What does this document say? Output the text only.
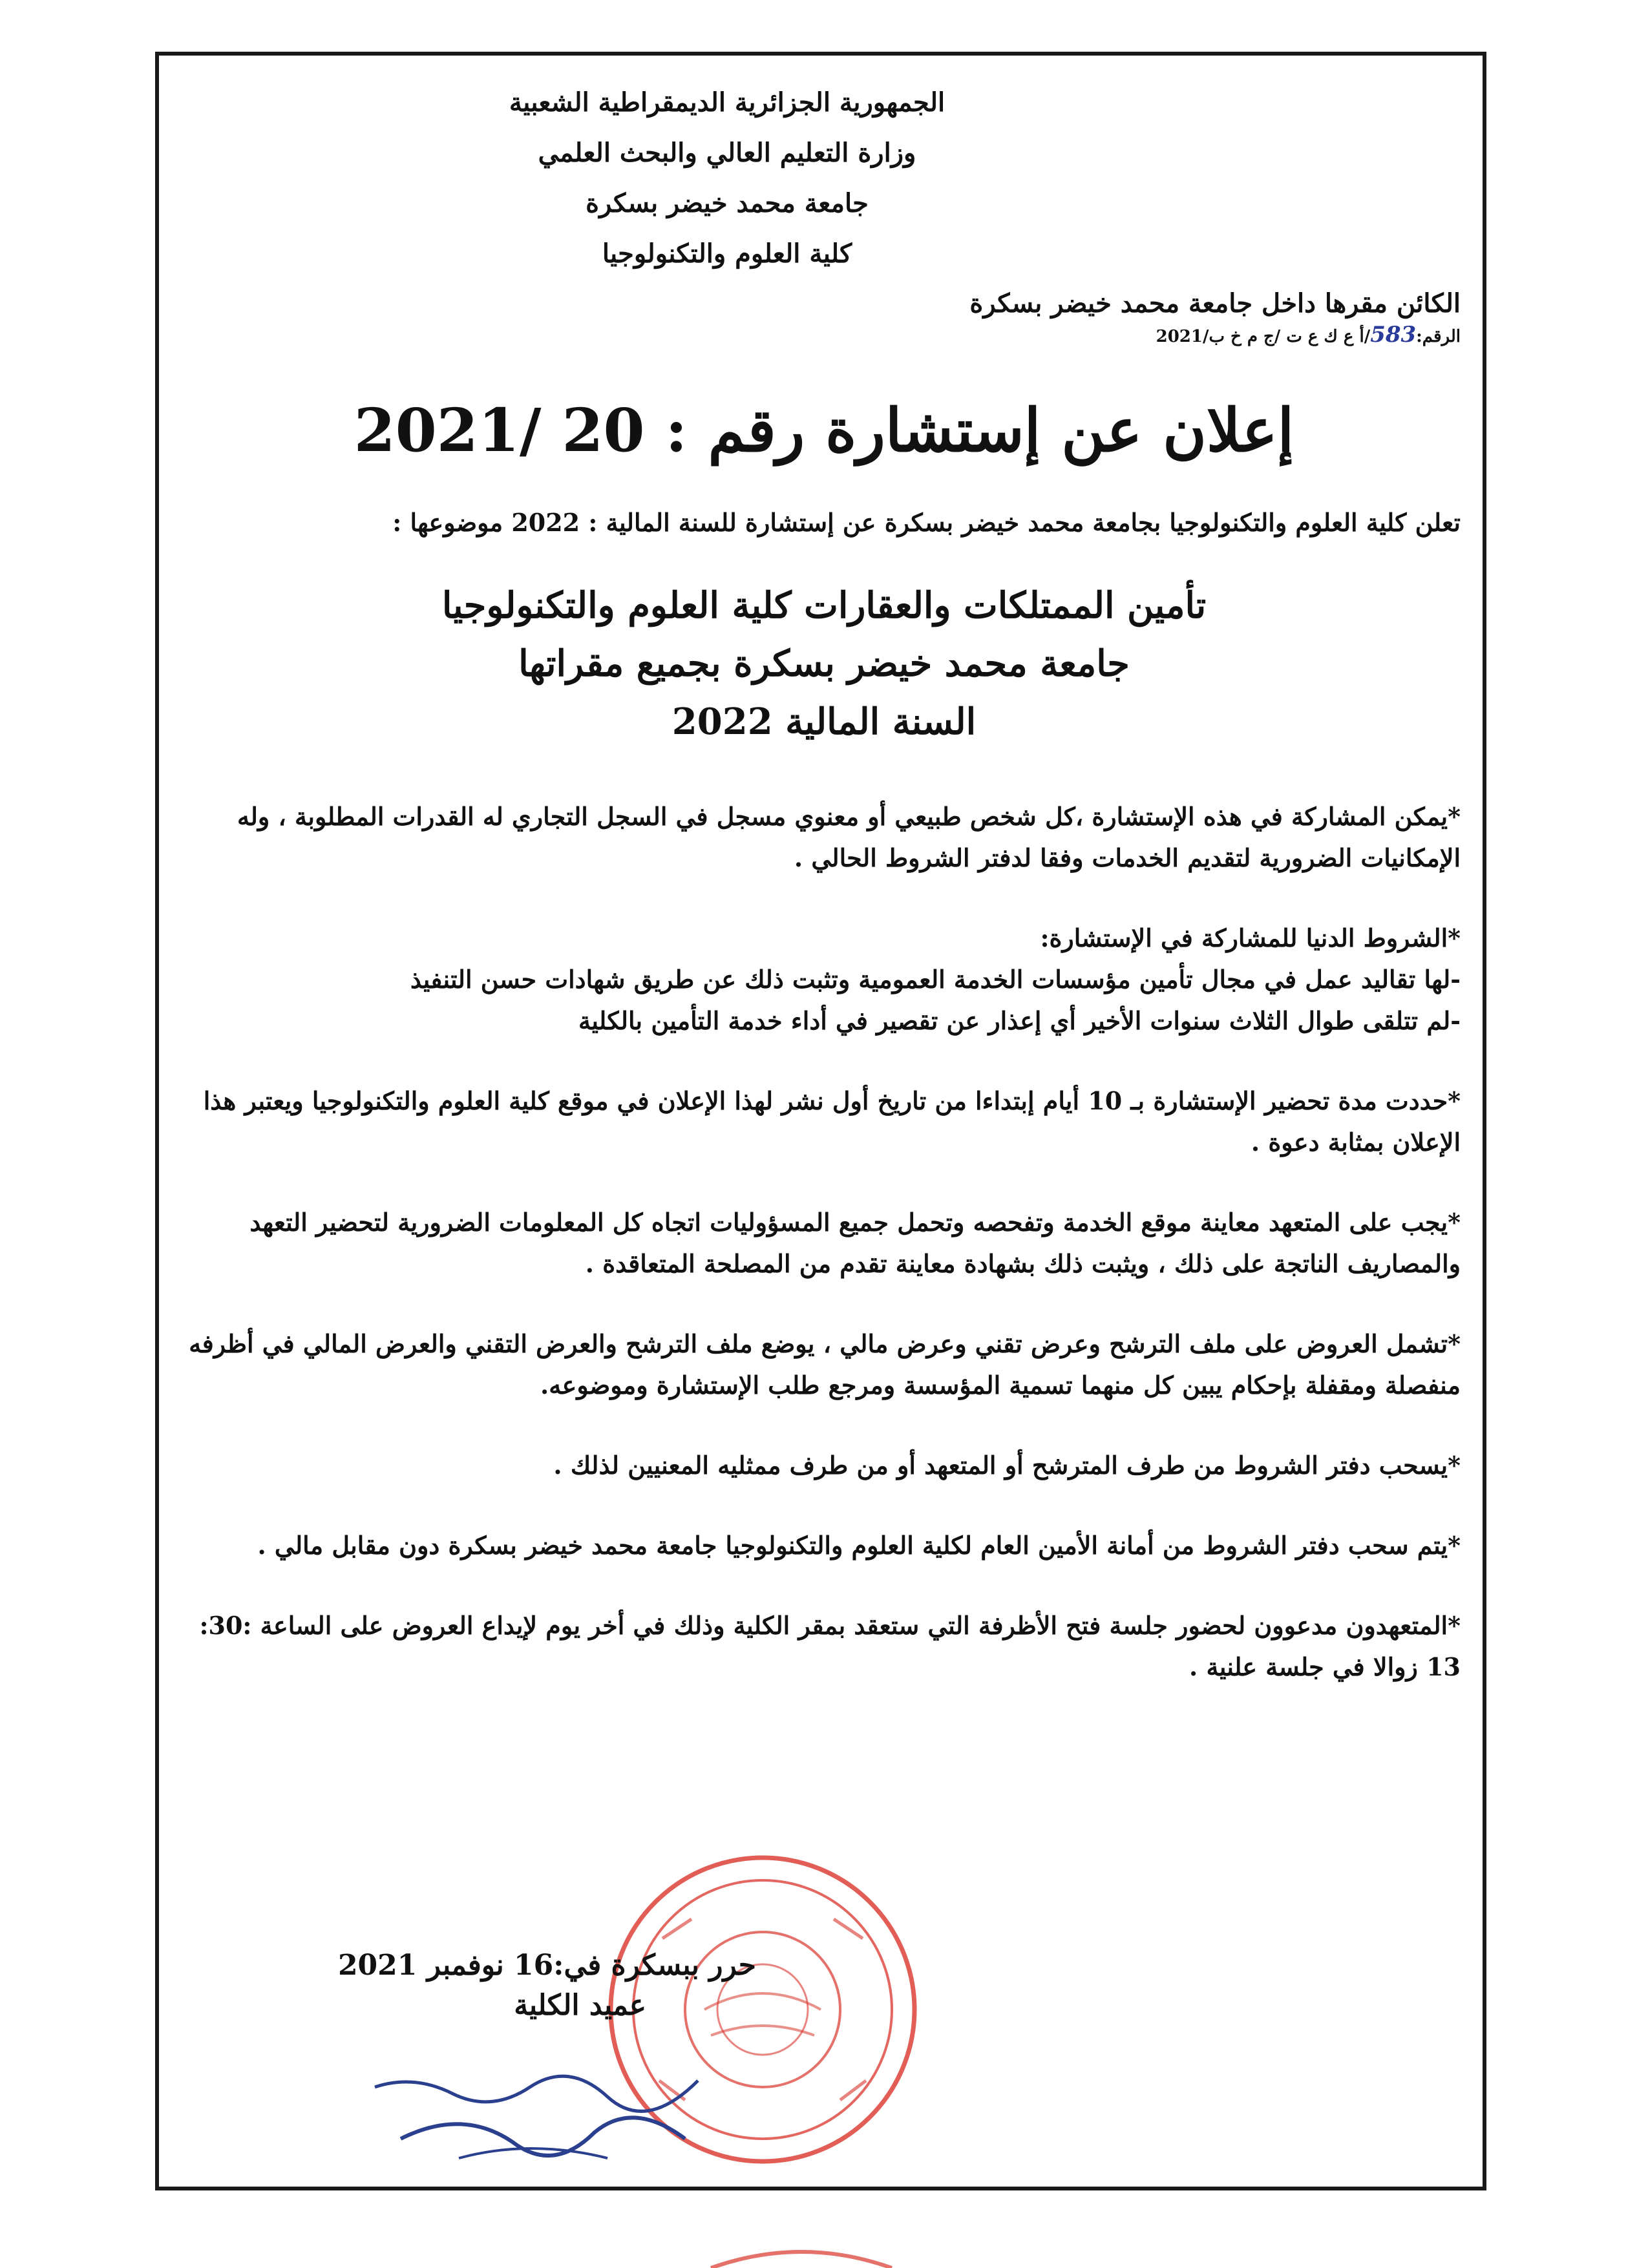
الجمهورية الجزائرية الديمقراطية الشعبية
وزارة التعليم العالي والبحث العلمي
جامعة محمد خيضر بسكرة
كلية العلوم والتكنولوجيا
الكائن مقرها داخل جامعة محمد خيضر بسكرة
الرقم:583/أ ع ك ع ت /ج م خ ب/2021
إعلان عن إستشارة رقم : 20 /2021
تعلن كلية العلوم والتكنولوجيا بجامعة محمد خيضر بسكرة عن إستشارة للسنة المالية : 2022 موضوعها :
تأمين الممتلكات والعقارات كلية العلوم والتكنولوجيا
جامعة محمد خيضر بسكرة بجميع مقراتها
السنة المالية 2022
*يمكن المشاركة في هذه الإستشارة ،كل شخص طبيعي أو معنوي مسجل في السجل التجاري له القدرات المطلوبة ، وله الإمكانيات الضرورية لتقديم الخدمات وفقا لدفتر الشروط الحالي .
*الشروط الدنيا للمشاركة في الإستشارة:
-لها تقاليد عمل في مجال تأمين مؤسسات الخدمة العمومية وتثبت ذلك عن طريق شهادات حسن التنفيذ
-لم تتلقى طوال الثلاث سنوات الأخير أي إعذار عن تقصير في أداء خدمة التأمين بالكلية
*حددت مدة تحضير الإستشارة بـ 10 أيام إبتداءا من تاريخ أول نشر لهذا الإعلان في موقع كلية العلوم والتكنولوجيا ويعتبر هذا الإعلان بمثابة دعوة .
*يجب على المتعهد معاينة موقع الخدمة وتفحصه وتحمل جميع المسؤوليات اتجاه كل المعلومات الضرورية لتحضير التعهد والمصاريف الناتجة على ذلك ، ويثبت ذلك بشهادة معاينة تقدم من المصلحة المتعاقدة .
*تشمل العروض على ملف الترشح وعرض تقني وعرض مالي ، يوضع ملف الترشح والعرض التقني والعرض المالي في أظرفه منفصلة ومقفلة بإحكام يبين كل منهما تسمية المؤسسة ومرجع طلب الإستشارة وموضوعه.
*يسحب دفتر الشروط من طرف المترشح أو المتعهد أو من طرف ممثليه المعنيين لذلك .
*يتم سحب دفتر الشروط من أمانة الأمين العام لكلية العلوم والتكنولوجيا جامعة محمد خيضر بسكرة دون مقابل مالي .
*المتعهدون مدعوون لحضور جلسة فتح الأظرفة التي ستعقد بمقر الكلية وذلك في أخر يوم لإيداع العروض على الساعة :30: 13 زوالا في جلسة علنية .
حرر ببسكرة في:16 نوفمبر 2021
عميد الكلية
